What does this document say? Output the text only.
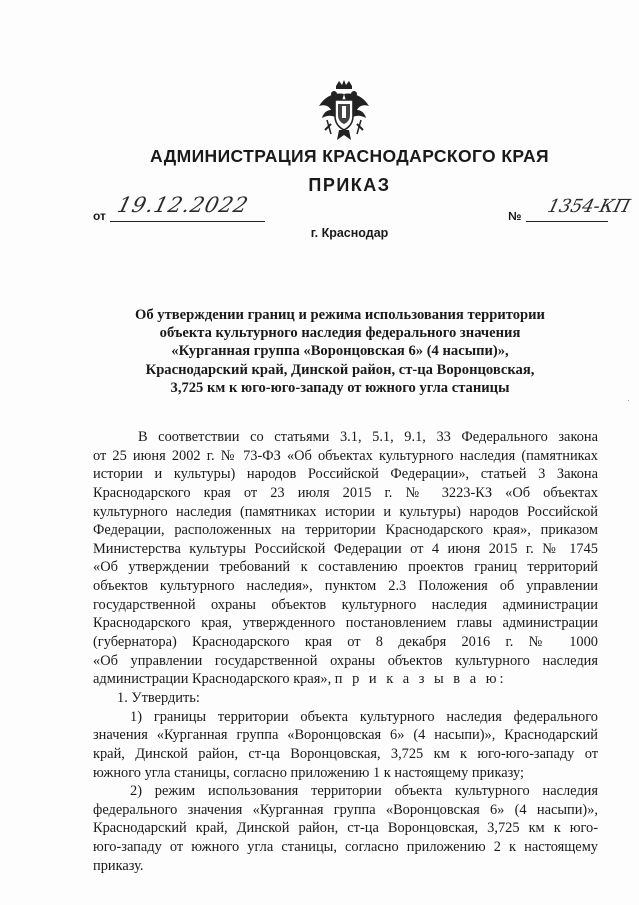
АДМИНИСТРАЦИЯ КРАСНОДАРСКОГО КРАЯ
ПРИКАЗ
от 19.12.2022	№ 1354-КП
г. Краснодар
Об утверждении границ и режима использования территории
объекта культурного наследия федерального значения
«Курганная группа «Воронцовская 6» (4 насыпи)»,
Краснодарский край, Динской район, ст-ца Воронцовская,
3,725 км к юго-юго-западу от южного угла станицы
В соответствии со статьями 3.1, 5.1, 9.1, 33 Федерального закона
от 25 июня 2002 г. № 73-ФЗ «Об объектах культурного наследия (памятниках
истории и культуры) народов Российской Федерации», статьей 3 Закона
Краснодарского края от 23 июля 2015 г. № 3223-КЗ «Об объектах
культурного наследия (памятниках истории и культуры) народов Российской
Федерации, расположенных на территории Краснодарского края», приказом
Министерства культуры Российской Федерации от 4 июня 2015 г. № 1745
«Об утверждении требований к составлению проектов границ территорий
объектов культурного наследия», пунктом 2.3 Положения об управлении
государственной охраны объектов культурного наследия администрации
Краснодарского края, утвержденного постановлением главы администрации
(губернатора) Краснодарского края от 8 декабря 2016 г. № 1000
«Об управлении государственной охраны объектов культурного наследия
администрации Краснодарского края», п р и к а з ы в а ю:
1. Утвердить:
1) границы территории объекта культурного наследия федерального
значения «Курганная группа «Воронцовская 6» (4 насыпи)», Краснодарский
край, Динской район, ст-ца Воронцовская, 3,725 км к юго-юго-западу от
южного угла станицы, согласно приложению 1 к настоящему приказу;
2) режим использования территории объекта культурного наследия
федерального значения «Курганная группа «Воронцовская 6» (4 насыпи)»,
Краснодарский край, Динской район, ст-ца Воронцовская, 3,725 км к юго-
юго-западу от южного угла станицы, согласно приложению 2 к настоящему
приказу.
